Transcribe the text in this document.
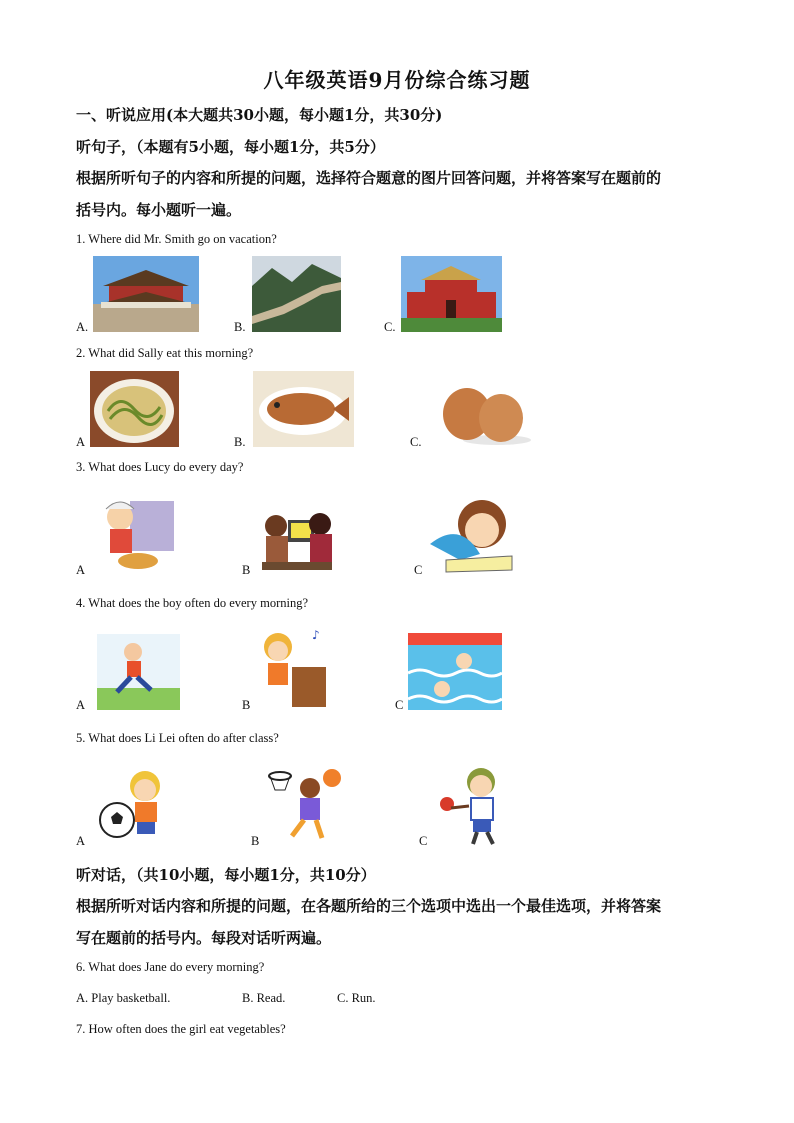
八年级英语9月份综合练习题
一、听说应用(本大题共30小题，每小题1分，共30分)
听句子，（本题有5小题，每小题1分，共5分）
根据所听句子的内容和所提的问题，选择符合题意的图片回答问题，并将答案写在题前的
括号内。每小题听一遍。
1. Where did Mr. Smith go on vacation?
A.	B.	C.
2. What did Sally eat this morning?
A	B.	C.
3. What does Lucy do every day?
A	B	C
4. What does the boy often do every morning?
A	B
♪
C
5. What does Li Lei often do after class?
A	B	C
听对话，（共10小题，每小题1分，共10分）
根据所听对话内容和所提的问题，在各题所给的三个选项中选出一个最佳选项，并将答案
写在题前的括号内。每段对话听两遍。
6. What does Jane do every morning?
A. Play basketball.	B. Read.	C. Run.
7. How often does the girl eat vegetables?
